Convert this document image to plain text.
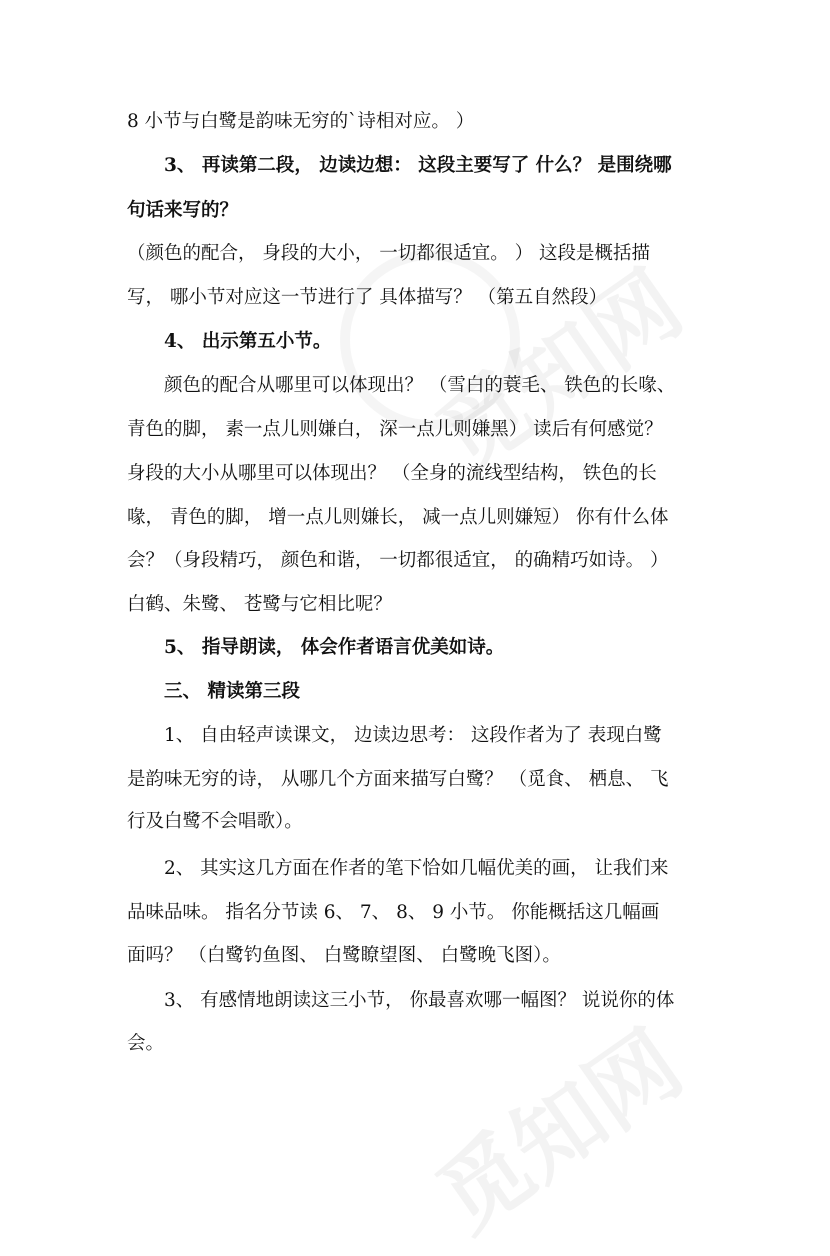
8 小节与白鹭是韵味无穷的`诗相对应。 ）
3、 再读第二段， 边读边想： 这段主要写了 什么？ 是围绕哪
句话来写的？
（颜色的配合， 身段的大小， 一切都很适宜。 ） 这段是概括描
写， 哪小节对应这一节进行了 具体描写？ （第五自然段）
4、 出示第五小节。
颜色的配合从哪里可以体现出？ （雪白的蓑毛、 铁色的长喙、
青色的脚， 素一点儿则嫌白， 深一点儿则嫌黑） 读后有何感觉？
身段的大小从哪里可以体现出？ （全身的流线型结构， 铁色的长
喙， 青色的脚， 增一点儿则嫌长， 减一点儿则嫌短） 你有什么体
会？（身段精巧， 颜色和谐， 一切都很适宜， 的确精巧如诗。 ）
白鹤、朱鹭、 苍鹭与它相比呢？
5、 指导朗读， 体会作者语言优美如诗。
三、 精读第三段
1、 自由轻声读课文， 边读边思考： 这段作者为了 表现白鹭
是韵味无穷的诗， 从哪几个方面来描写白鹭？ （觅食、 栖息、 飞
行及白鹭不会唱歌）。
2、 其实这几方面在作者的笔下恰如几幅优美的画， 让我们来
品味品味。 指名分节读 6、 7、 8、 9 小节。 你能概括这几幅画
面吗？ （白鹭钓鱼图、 白鹭瞭望图、 白鹭晚飞图）。
3、 有感情地朗读这三小节， 你最喜欢哪一幅图？ 说说你的体
会。
